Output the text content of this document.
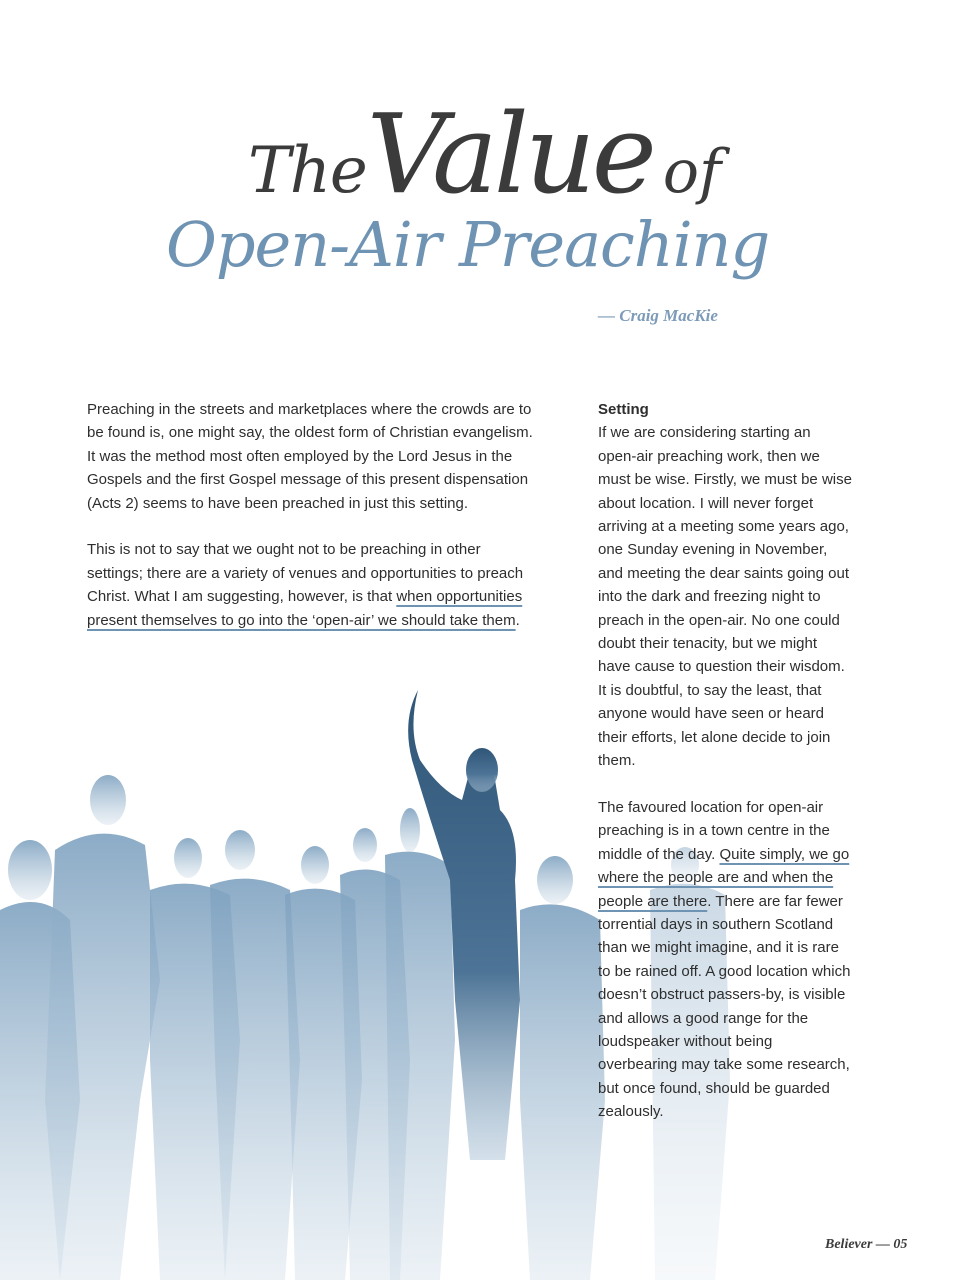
TheValue of
Open-Air Preaching
— Craig MacKie

Preaching in the streets and marketplaces where the crowds are to be found is, one might say, the oldest form of Christian evangelism. It was the method most often employed by the Lord Jesus in the Gospels and the first Gospel message of this present dispensation (Acts 2) seems to have been preached in just this setting.

This is not to say that we ought not to be preaching in other settings; there are a variety of venues and opportunities to preach Christ. What I am suggesting, however, is that when opportunities present themselves to go into the ‘open-air’ we should take them.

Setting

If we are considering starting an open-air preaching work, then we must be wise. Firstly, we must be wise about location. I will never forget arriving at a meeting some years ago, one Sunday evening in November, and meeting the dear saints going out into the dark and freezing night to preach in the open-air. No one could doubt their tenacity, but we might have cause to question their wisdom. It is doubtful, to say the least, that anyone would have seen or heard their efforts, let alone decide to join them.

The favoured location for open-air preaching is in a town centre in the middle of the day. Quite simply, we go where the people are and when the people are there. There are far fewer torrential days in southern Scotland than we might imagine, and it is rare to be rained off. A good location which doesn’t obstruct passers-by, is visible and allows a good range for the loudspeaker without being overbearing may take some research, but once found, should be guarded zealously.

Believer — 05
